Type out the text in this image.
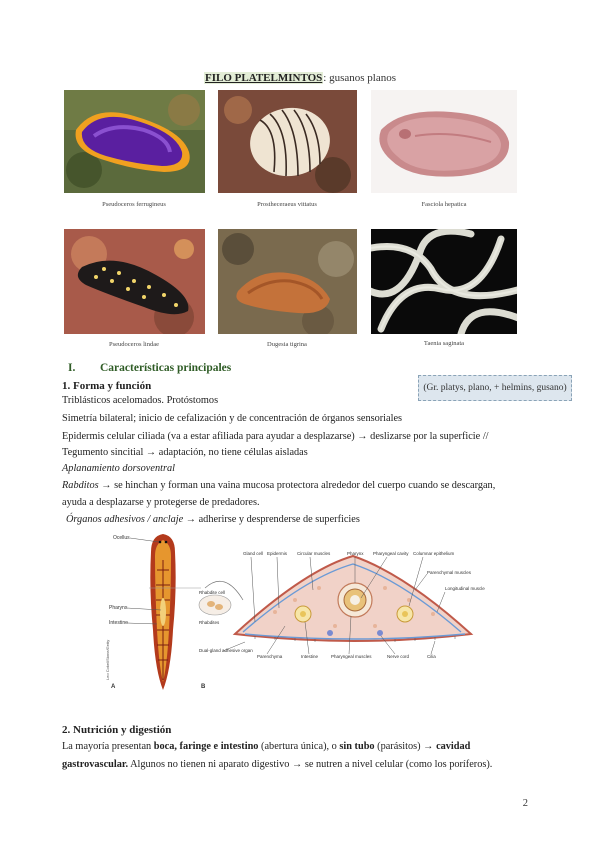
FILO PLATELMINTOS: gusanos planos
Pseudoceros ferrugineus	Prostheceraeus vittatus	Fasciola hepatica
Pseudoceros lindae	Dugesia tigrina	Taenia saginata
I. Características principales
1. Forma y función	(Gr. platys, plano, + helmins, gusano)
Triblásticos acelomados. Protóstomos
Simetría bilateral; inicio de cefalización y de concentración de órganos sensoriales
Epidermis celular ciliada (va a estar afiliada para ayudar a desplazarse) → deslizarse por la superficie //
Tegumento sincitial → adaptación, no tiene células aisladas
Aplanamiento dorsoventral
Rabditos → se hinchan y forman una vaina mucosa protectora alrededor del cuerpo cuando se descargan,
ayuda a desplazarse y protegerse de predadores.
Órganos adhesivos / anclaje → adherirse y desprenderse de superficies
Ocellus
Pharynx
Intestine
A
Leo Cokel/Stone/Getty
Rhabdite cell
Rhabdites
Dual-gland adhesive organ
Gland cell Epidermis Circular muscles	Pharynx Pharyngeal cavity Columnar epithelium
Parenchymal muscles
Longitudinal muscles
Parenchyma	Intestine	Pharyngeal muscles	Nerve cord	Cilia
B
2. Nutrición y digestión
La mayoría presentan boca, faringe e intestino (abertura única), o sin tubo (parásitos) → cavidad
gastrovascular. Algunos no tienen ni aparato digestivo → se nutren a nivel celular (como los poríferos).
2
